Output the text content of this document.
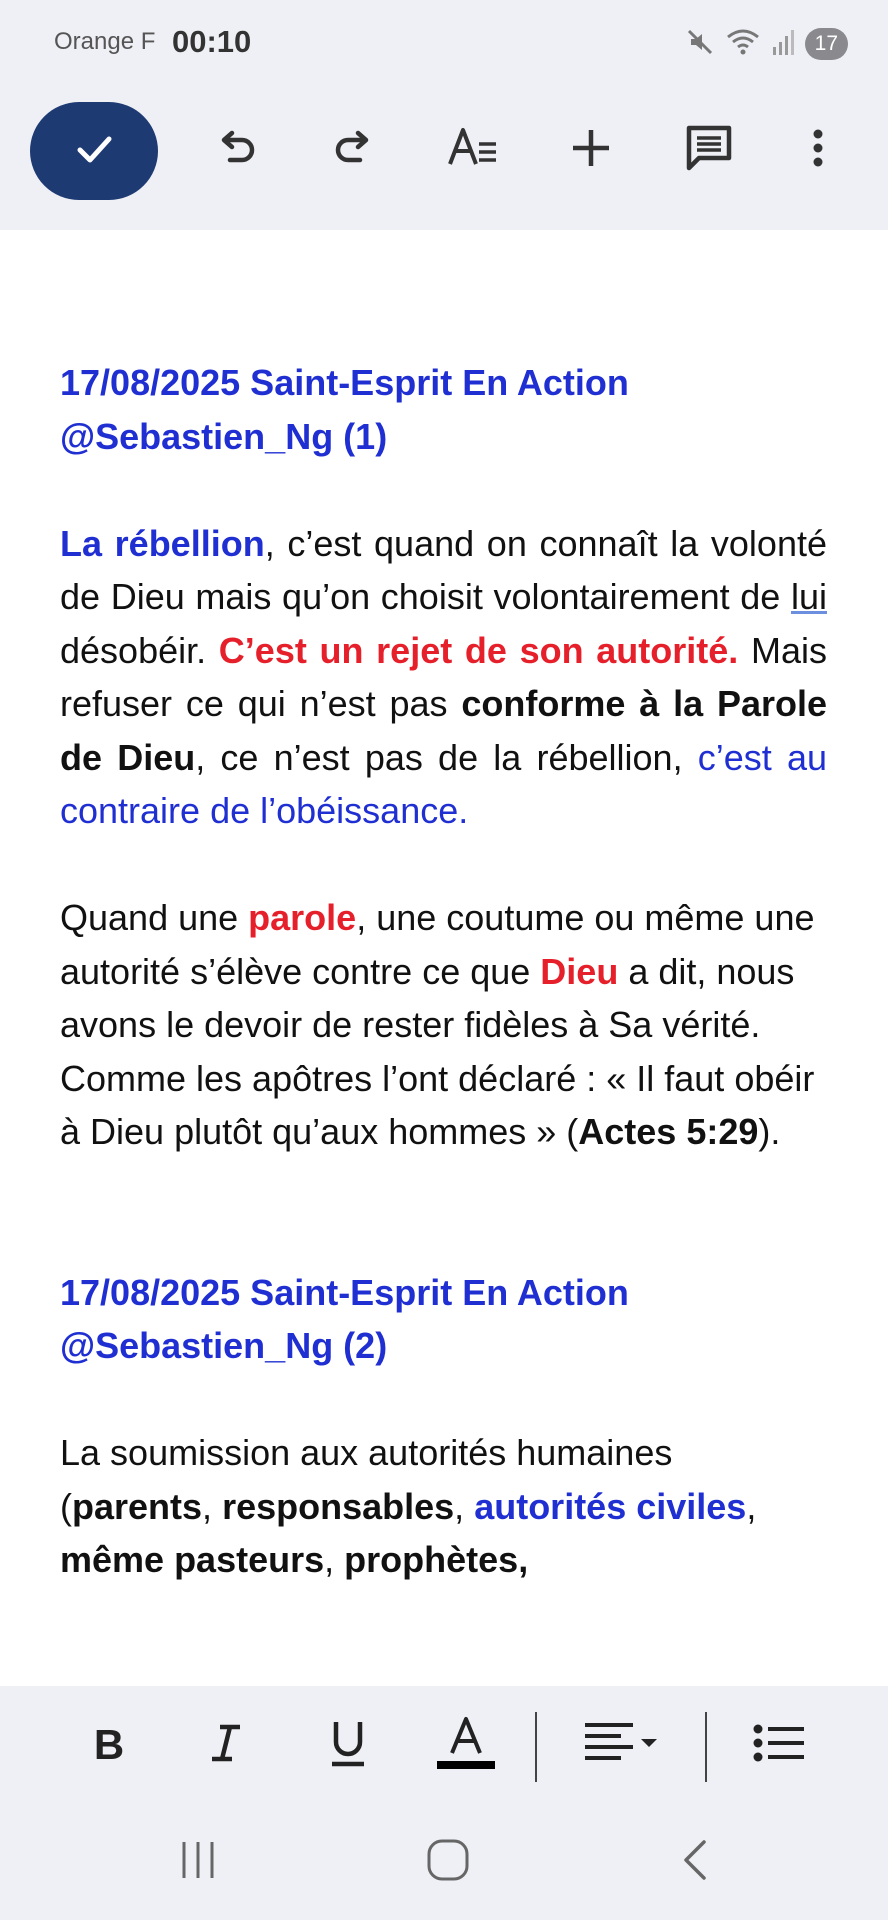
Orange F 00:10	17

17/08/2025 Saint-Esprit En Action @Sebastien_Ng (1)

La rébellion, c’est quand on connaît la volonté de Dieu mais qu’on choisit volontairement de lui désobéir. C’est un rejet de son autorité. Mais refuser ce qui n’est pas conforme à la Parole de Dieu, ce n’est pas de la rébellion, c’est au contraire de l’obéissance.

Quand une parole, une coutume ou même une autorité s’élève contre ce que Dieu a dit, nous avons le devoir de rester fidèles à Sa vérité. Comme les apôtres l’ont déclaré : « Il faut obéir à Dieu plutôt qu’aux hommes » (Actes 5:29).

17/08/2025 Saint-Esprit En Action @Sebastien_Ng (2)

La soumission aux autorités humaines (parents, responsables, autorités civiles, même pasteurs, prophètes,

B
